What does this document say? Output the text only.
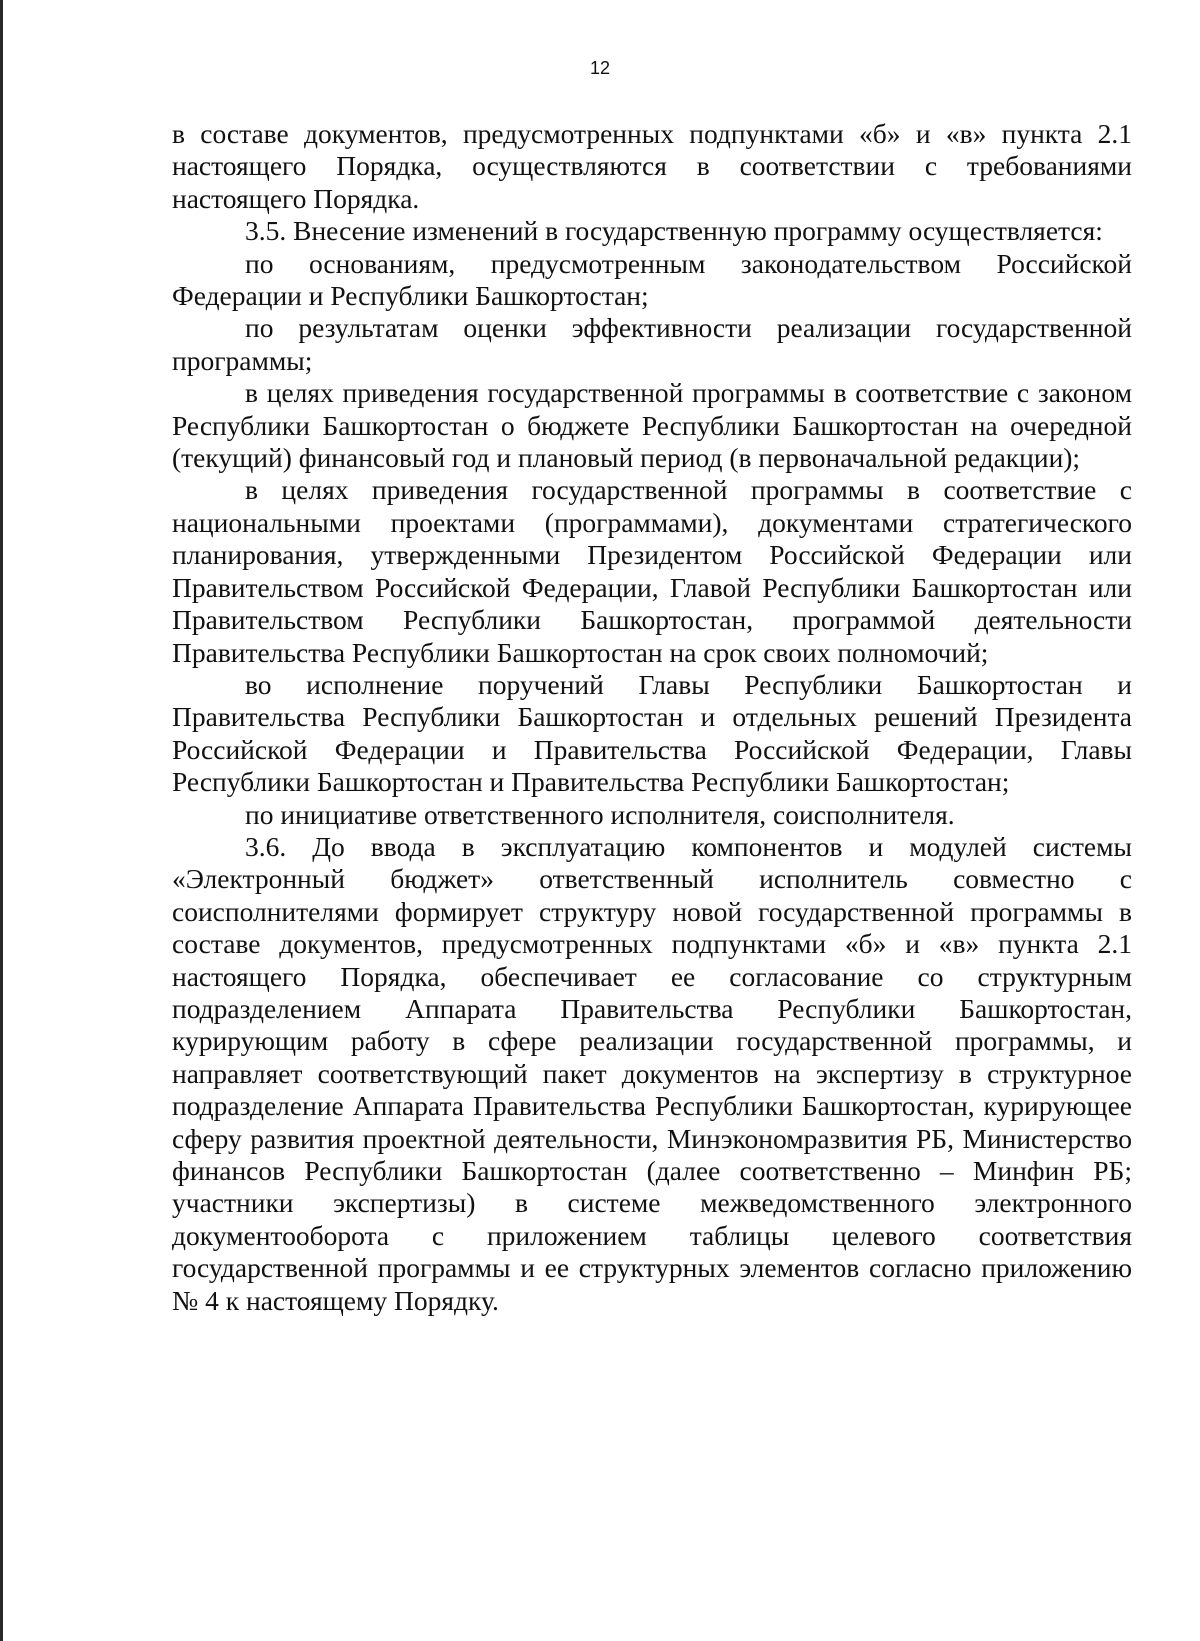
12

в составе документов, предусмотренных подпунктами «б» и «в» пункта 2.1 настоящего Порядка, осуществляются в соответствии с требованиями настоящего Порядка.

3.5. Внесение изменений в государственную программу осуществляется:

по основаниям, предусмотренным законодательством Российской Федерации и Республики Башкортостан;

по результатам оценки эффективности реализации государственной программы;

в целях приведения государственной программы в соответствие с законом Республики Башкортостан о бюджете Республики Башкортостан на очередной (текущий) финансовый год и плановый период (в первоначальной редакции);

в целях приведения государственной программы в соответствие с национальными проектами (программами), документами стратегического планирования, утвержденными Президентом Российской Федерации или Правительством Российской Федерации, Главой Республики Башкортостан или Правительством Республики Башкортостан, программой деятельности Правительства Республики Башкортостан на срок своих полномочий;

во исполнение поручений Главы Республики Башкортостан и Правительства Республики Башкортостан и отдельных решений Президента Российской Федерации и Правительства Российской Федерации, Главы Республики Башкортостан и Правительства Республики Башкортостан;

по инициативе ответственного исполнителя, соисполнителя.

3.6. До ввода в эксплуатацию компонентов и модулей системы «Электронный бюджет» ответственный исполнитель совместно с соисполнителями формирует структуру новой государственной программы в составе документов, предусмотренных подпунктами «б» и «в» пункта 2.1 настоящего Порядка, обеспечивает ее согласование со структурным подразделением Аппарата Правительства Республики Башкортостан, курирующим работу в сфере реализации государственной программы, и направляет соответствующий пакет документов на экспертизу в структурное подразделение Аппарата Правительства Республики Башкортостан, курирующее сферу развития проектной деятельности, Минэкономразвития РБ, Министерство финансов Республики Башкортостан (далее соответственно – Минфин РБ; участники экспертизы) в системе межведомственного электронного документооборота с приложением таблицы целевого соответствия государственной программы и ее структурных элементов согласно приложению № 4 к настоящему Порядку.
